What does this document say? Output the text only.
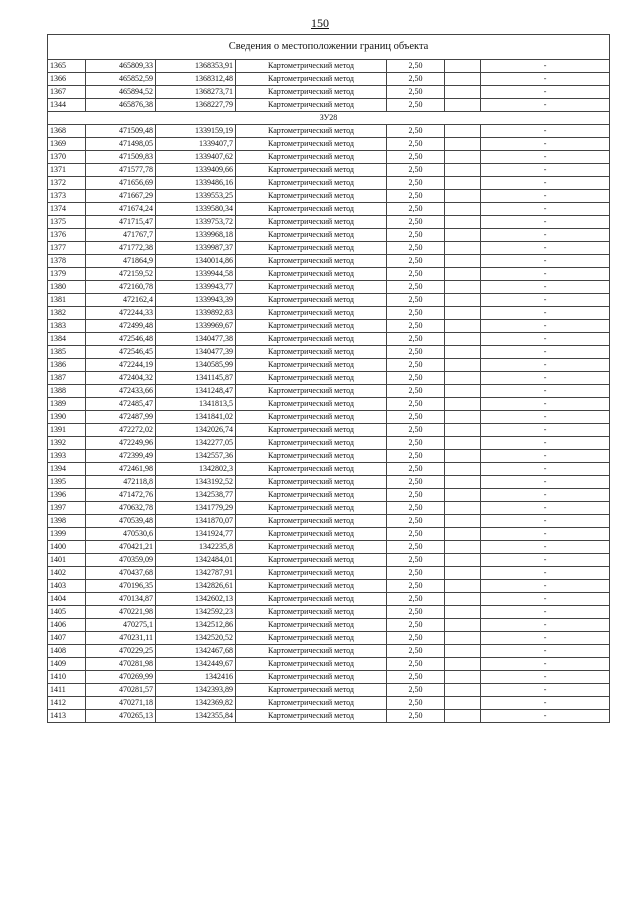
150
Сведения о местоположении границ объекта						
1365	465809,33	1368353,91	Картометрический метод	2,50		-
1366	465852,59	1368312,48	Картометрический метод	2,50		-
1367	465894,52	1368273,71	Картометрический метод	2,50		-
1344	465876,38	1368227,79	Картометрический метод	2,50		-
ЗУ28						
1368	471509,48	1339159,19	Картометрический метод	2,50		-
1369	471498,05	1339407,7	Картометрический метод	2,50		-
1370	471509,83	1339407,62	Картометрический метод	2,50		-
1371	471577,78	1339409,66	Картометрический метод	2,50		-
1372	471656,69	1339486,16	Картометрический метод	2,50		-
1373	471667,29	1339553,25	Картометрический метод	2,50		-
1374	471674,24	1339580,34	Картометрический метод	2,50		-
1375	471715,47	1339753,72	Картометрический метод	2,50		-
1376	471767,7	1339968,18	Картометрический метод	2,50		-
1377	471772,38	1339987,37	Картометрический метод	2,50		-
1378	471864,9	1340014,86	Картометрический метод	2,50		-
1379	472159,52	1339944,58	Картометрический метод	2,50		-
1380	472160,78	1339943,77	Картометрический метод	2,50		-
1381	472162,4	1339943,39	Картометрический метод	2,50		-
1382	472244,33	1339892,83	Картометрический метод	2,50		-
1383	472499,48	1339969,67	Картометрический метод	2,50		-
1384	472546,48	1340477,38	Картометрический метод	2,50		-
1385	472546,45	1340477,39	Картометрический метод	2,50		-
1386	472244,19	1340585,99	Картометрический метод	2,50		-
1387	472404,32	1341145,87	Картометрический метод	2,50		-
1388	472433,66	1341248,47	Картометрический метод	2,50		-
1389	472485,47	1341813,5	Картометрический метод	2,50		-
1390	472487,99	1341841,02	Картометрический метод	2,50		-
1391	472272,02	1342026,74	Картометрический метод	2,50		-
1392	472249,96	1342277,05	Картометрический метод	2,50		-
1393	472399,49	1342557,36	Картометрический метод	2,50		-
1394	472461,98	1342802,3	Картометрический метод	2,50		-
1395	472118,8	1343192,52	Картометрический метод	2,50		-
1396	471472,76	1342538,77	Картометрический метод	2,50		-
1397	470632,78	1341779,29	Картометрический метод	2,50		-
1398	470539,48	1341870,07	Картометрический метод	2,50		-
1399	470530,6	1341924,77	Картометрический метод	2,50		-
1400	470421,21	1342235,8	Картометрический метод	2,50		-
1401	470359,09	1342484,01	Картометрический метод	2,50		-
1402	470437,68	1342787,91	Картометрический метод	2,50		-
1403	470196,35	1342826,61	Картометрический метод	2,50		-
1404	470134,87	1342602,13	Картометрический метод	2,50		-
1405	470221,98	1342592,23	Картометрический метод	2,50		-
1406	470275,1	1342512,86	Картометрический метод	2,50		-
1407	470231,11	1342520,52	Картометрический метод	2,50		-
1408	470229,25	1342467,68	Картометрический метод	2,50		-
1409	470281,98	1342449,67	Картометрический метод	2,50		-
1410	470269,99	1342416	Картометрический метод	2,50		-
1411	470281,57	1342393,89	Картометрический метод	2,50		-
1412	470271,18	1342369,82	Картометрический метод	2,50		-
1413	470265,13	1342355,84	Картометрический метод	2,50		-
